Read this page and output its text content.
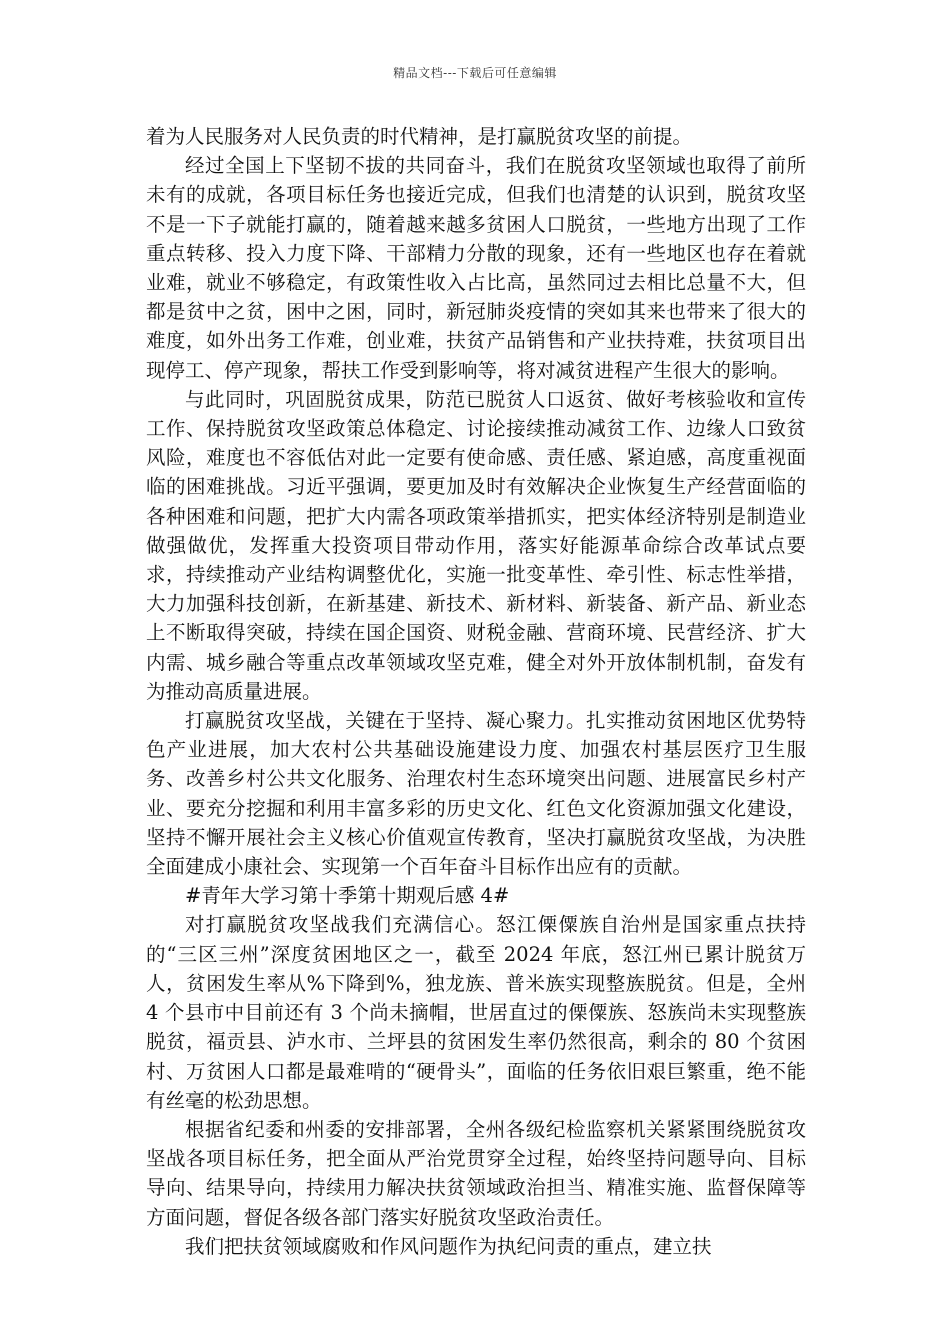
精品文档---下载后可任意编辑

着为人民服务对人民负责的时代精神，是打赢脱贫攻坚的前提。

经过全国上下坚韧不拔的共同奋斗，我们在脱贫攻坚领域也取得了前所未有的成就，各项目标任务也接近完成，但我们也清楚的认识到，脱贫攻坚不是一下子就能打赢的，随着越来越多贫困人口脱贫，一些地方出现了工作重点转移、投入力度下降、干部精力分散的现象，还有一些地区也存在着就业难，就业不够稳定，有政策性收入占比高，虽然同过去相比总量不大，但都是贫中之贫，困中之困，同时，新冠肺炎疫情的突如其来也带来了很大的难度，如外出务工作难，创业难，扶贫产品销售和产业扶持难，扶贫项目出现停工、停产现象，帮扶工作受到影响等，将对减贫进程产生很大的影响。

与此同时，巩固脱贫成果，防范已脱贫人口返贫、做好考核验收和宣传工作、保持脱贫攻坚政策总体稳定、讨论接续推动减贫工作、边缘人口致贫风险，难度也不容低估对此一定要有使命感、责任感、紧迫感，高度重视面临的困难挑战。习近平强调，要更加及时有效解决企业恢复生产经营面临的各种困难和问题，把扩大内需各项政策举措抓实，把实体经济特别是制造业做强做优，发挥重大投资项目带动作用，落实好能源革命综合改革试点要求，持续推动产业结构调整优化，实施一批变革性、牵引性、标志性举措，大力加强科技创新，在新基建、新技术、新材料、新装备、新产品、新业态上不断取得突破，持续在国企国资、财税金融、营商环境、民营经济、扩大内需、城乡融合等重点改革领域攻坚克难，健全对外开放体制机制，奋发有为推动高质量进展。

打赢脱贫攻坚战，关键在于坚持、凝心聚力。扎实推动贫困地区优势特色产业进展，加大农村公共基础设施建设力度、加强农村基层医疗卫生服务、改善乡村公共文化服务、治理农村生态环境突出问题、进展富民乡村产业、要充分挖掘和利用丰富多彩的历史文化、红色文化资源加强文化建设，坚持不懈开展社会主义核心价值观宣传教育，坚决打赢脱贫攻坚战，为决胜全面建成小康社会、实现第一个百年奋斗目标作出应有的贡献。

#青年大学习第十季第十期观后感 4#

对打赢脱贫攻坚战我们充满信心。怒江傈僳族自治州是国家重点扶持的“三区三州”深度贫困地区之一，截至 2024 年底，怒江州已累计脱贫万人，贫困发生率从%下降到%，独龙族、普米族实现整族脱贫。但是，全州 4 个县市中目前还有 3 个尚未摘帽，世居直过的傈僳族、怒族尚未实现整族脱贫，福贡县、泸水市、兰坪县的贫困发生率仍然很高，剩余的 80 个贫困村、万贫困人口都是最难啃的“硬骨头”，面临的任务依旧艰巨繁重，绝不能有丝毫的松劲思想。

根据省纪委和州委的安排部署，全州各级纪检监察机关紧紧围绕脱贫攻坚战各项目标任务，把全面从严治党贯穿全过程，始终坚持问题导向、目标导向、结果导向，持续用力解决扶贫领域政治担当、精准实施、监督保障等方面问题，督促各级各部门落实好脱贫攻坚政治责任。

我们把扶贫领域腐败和作风问题作为执纪问责的重点，建立扶
